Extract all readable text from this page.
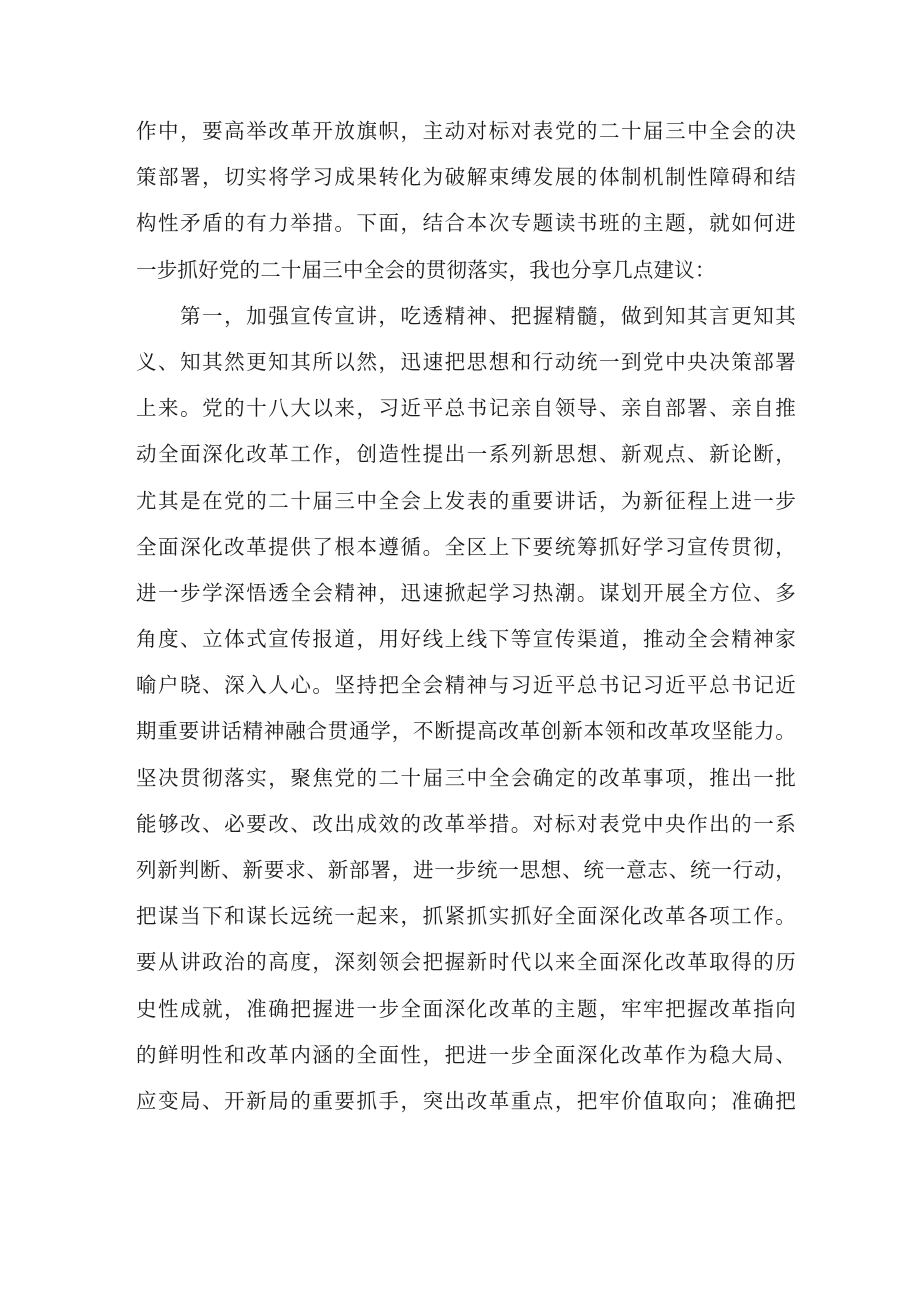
作中，要高举改革开放旗帜，主动对标对表党的二十届三中全会的决
策部署，切实将学习成果转化为破解束缚发展的体制机制性障碍和结
构性矛盾的有力举措。下面，结合本次专题读书班的主题，就如何进
一步抓好党的二十届三中全会的贯彻落实，我也分享几点建议：
第一，加强宣传宣讲，吃透精神、把握精髓，做到知其言更知其
义、知其然更知其所以然，迅速把思想和行动统一到党中央决策部署
上来。党的十八大以来，习近平总书记亲自领导、亲自部署、亲自推
动全面深化改革工作，创造性提出一系列新思想、新观点、新论断，
尤其是在党的二十届三中全会上发表的重要讲话，为新征程上进一步
全面深化改革提供了根本遵循。全区上下要统筹抓好学习宣传贯彻，
进一步学深悟透全会精神，迅速掀起学习热潮。谋划开展全方位、多
角度、立体式宣传报道，用好线上线下等宣传渠道，推动全会精神家
喻户晓、深入人心。坚持把全会精神与习近平总书记习近平总书记近
期重要讲话精神融合贯通学，不断提高改革创新本领和改革攻坚能力。
坚决贯彻落实，聚焦党的二十届三中全会确定的改革事项，推出一批
能够改、必要改、改出成效的改革举措。对标对表党中央作出的一系
列新判断、新要求、新部署，进一步统一思想、统一意志、统一行动，
把谋当下和谋长远统一起来，抓紧抓实抓好全面深化改革各项工作。
要从讲政治的高度，深刻领会把握新时代以来全面深化改革取得的历
史性成就，准确把握进一步全面深化改革的主题，牢牢把握改革指向
的鲜明性和改革内涵的全面性，把进一步全面深化改革作为稳大局、
应变局、开新局的重要抓手，突出改革重点，把牢价值取向；准确把
